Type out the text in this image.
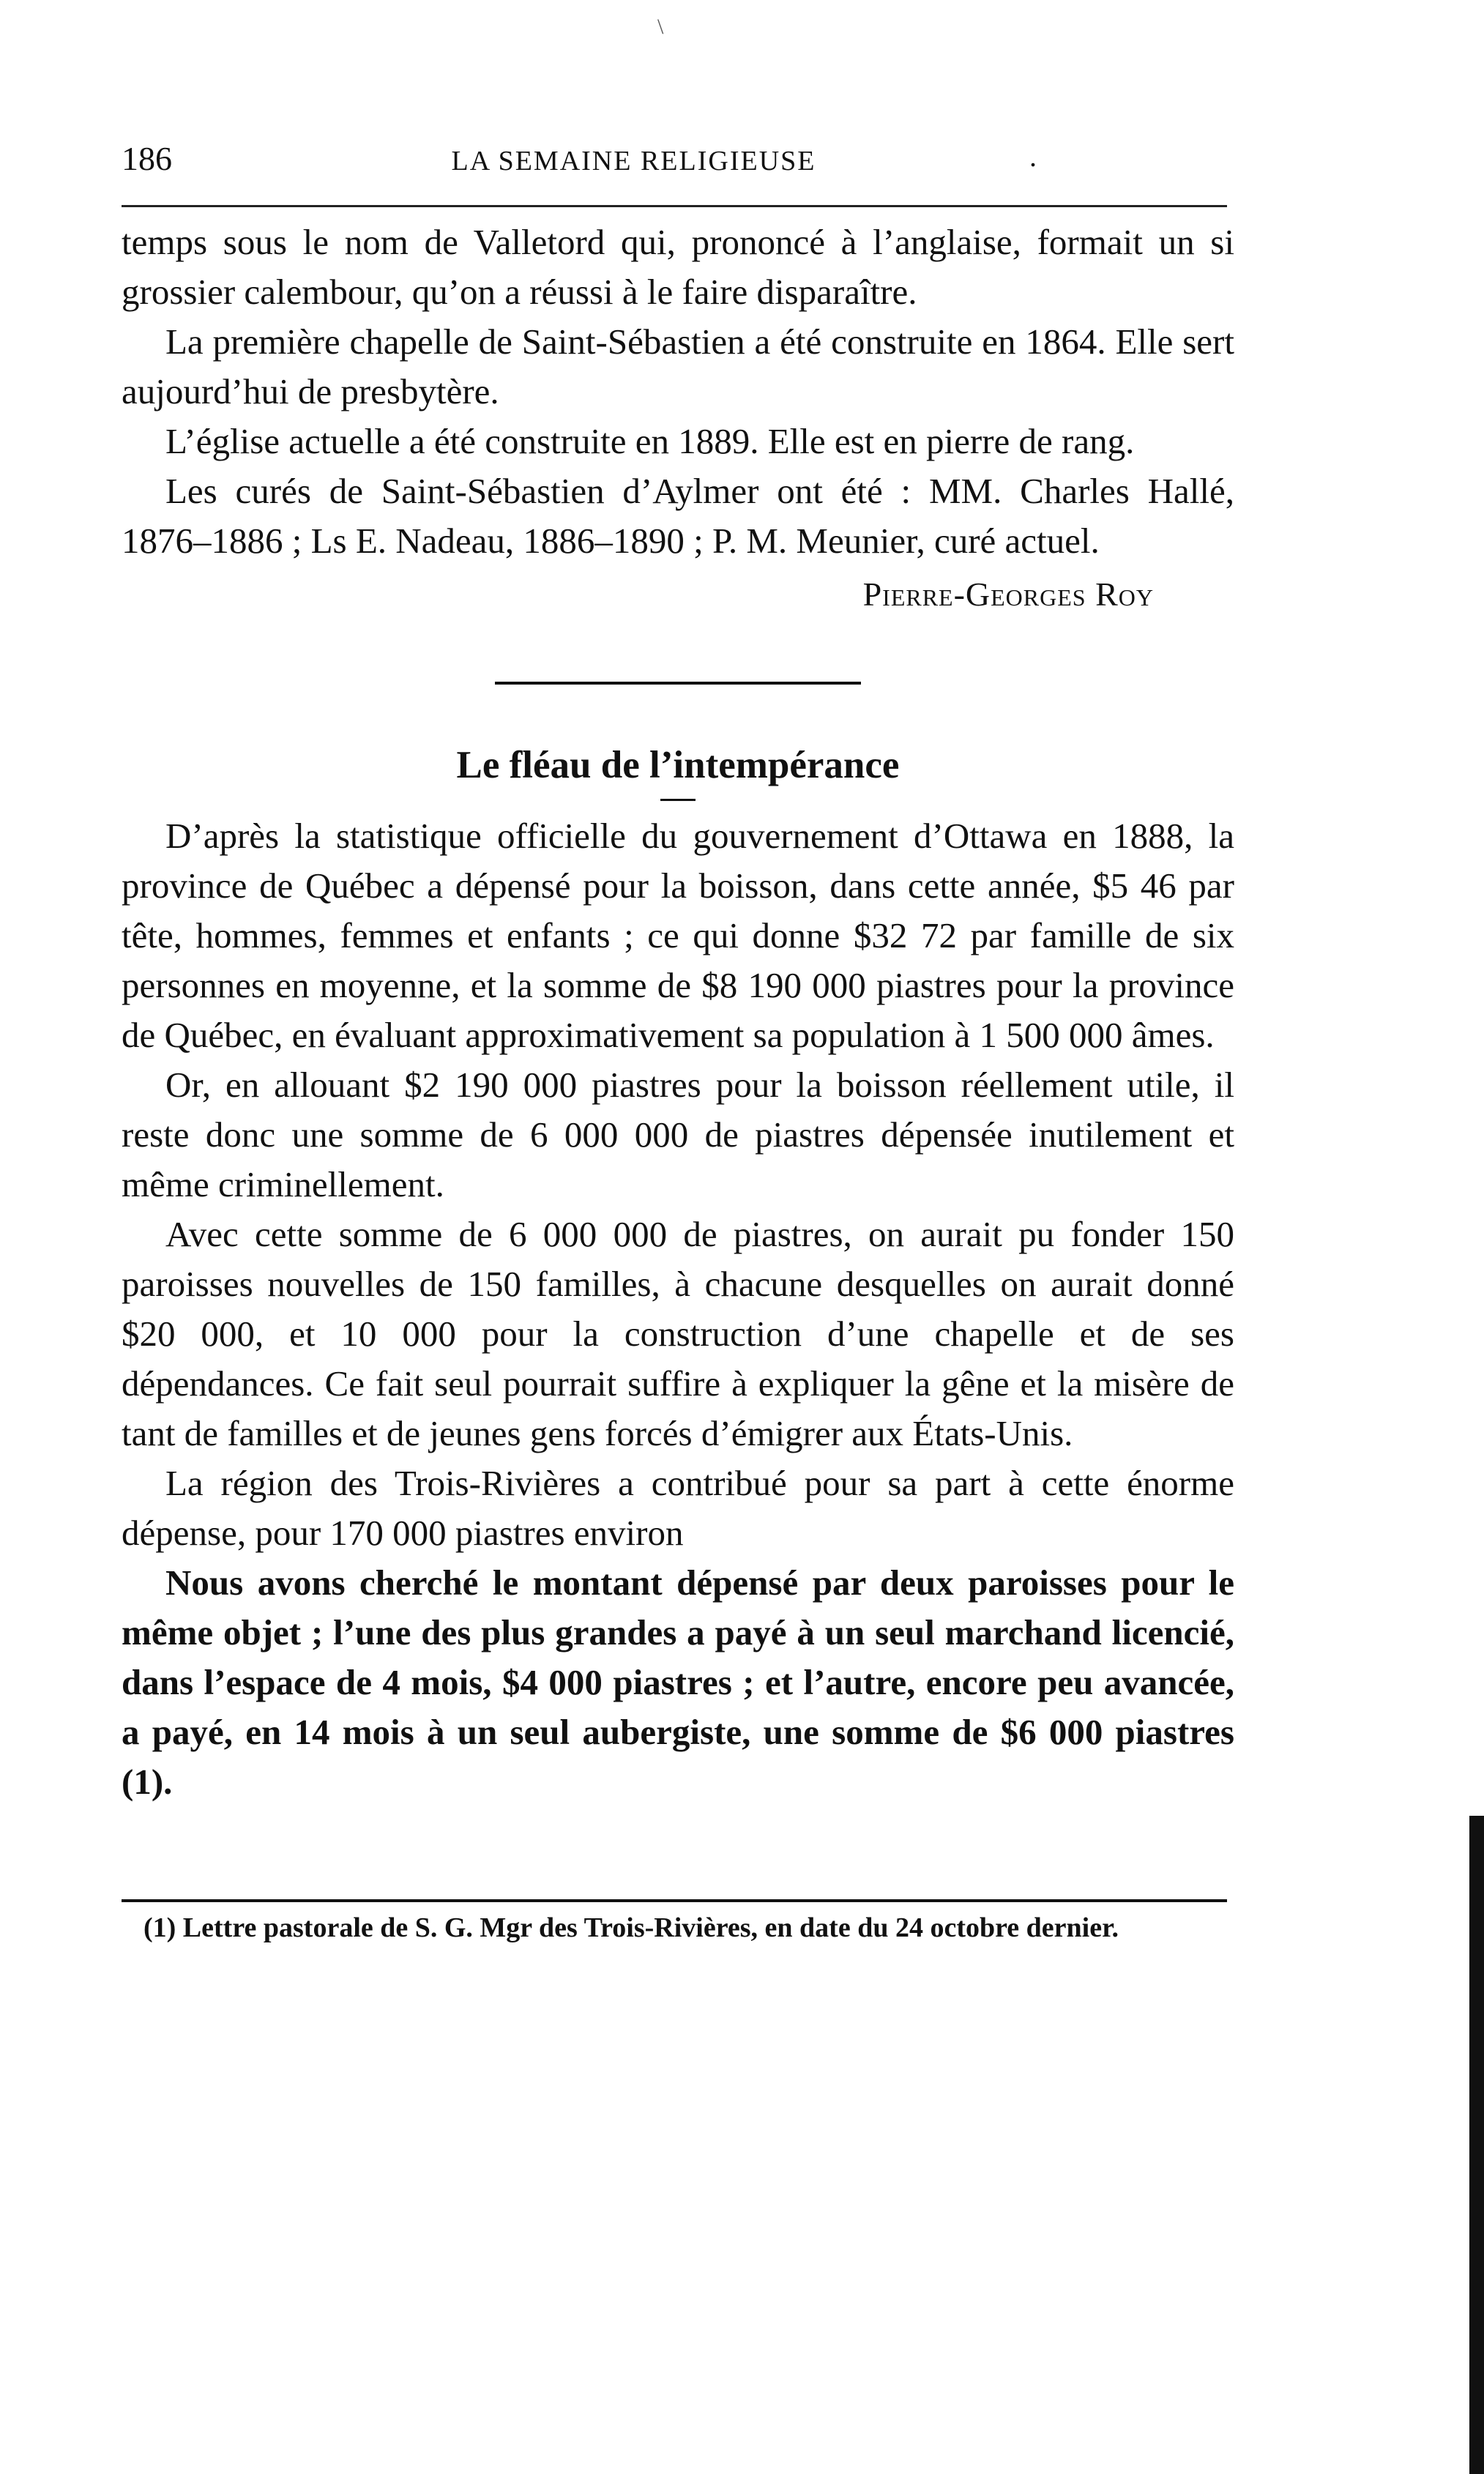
\
186	LA SEMAINE RELIGIEUSE	.

temps sous le nom de Valletord qui, prononcé à l’anglaise, formait un si grossier calembour, qu’on a réussi à le faire disparaître.

La première chapelle de Saint-Sébastien a été construite en 1864. Elle sert aujourd’hui de presbytère.

L’église actuelle a été construite en 1889. Elle est en pierre de rang.

Les curés de Saint-Sébastien d’Aylmer ont été : MM. Charles Hallé, 1876–1886 ; Ls E. Nadeau, 1886–1890 ; P. M. Meunier, curé actuel.

Pierre-Georges Roy

Le fléau de l’intempérance

D’après la statistique officielle du gouvernement d’Ottawa en 1888, la province de Québec a dépensé pour la boisson, dans cette année, $5 46 par tête, hommes, femmes et enfants ; ce qui donne $32 72 par famille de six personnes en moyenne, et la somme de $8 190 000 piastres pour la province de Québec, en évaluant approximativement sa population à 1 500 000 âmes.

Or, en allouant $2 190 000 piastres pour la boisson réellement utile, il reste donc une somme de 6 000 000 de piastres dépensée inutilement et même criminellement.

Avec cette somme de 6 000 000 de piastres, on aurait pu fonder 150 paroisses nouvelles de 150 familles, à chacune desquelles on aurait donné $20 000, et 10 000 pour la construction d’une chapelle et de ses dépendances. Ce fait seul pourrait suffire à expliquer la gêne et la misère de tant de familles et de jeunes gens forcés d’émigrer aux États-Unis.

La région des Trois-Rivières a contribué pour sa part à cette énorme dépense, pour 170 000 piastres environ

Nous avons cherché le montant dépensé par deux paroisses pour le même objet ; l’une des plus grandes a payé à un seul marchand licencié, dans l’espace de 4 mois, $4 000 piastres ; et l’autre, encore peu avancée, a payé, en 14 mois à un seul aubergiste, une somme de $6 000 piastres (1).

(1) Lettre pastorale de S. G. Mgr des Trois-Rivières, en date du 24 octobre dernier.
